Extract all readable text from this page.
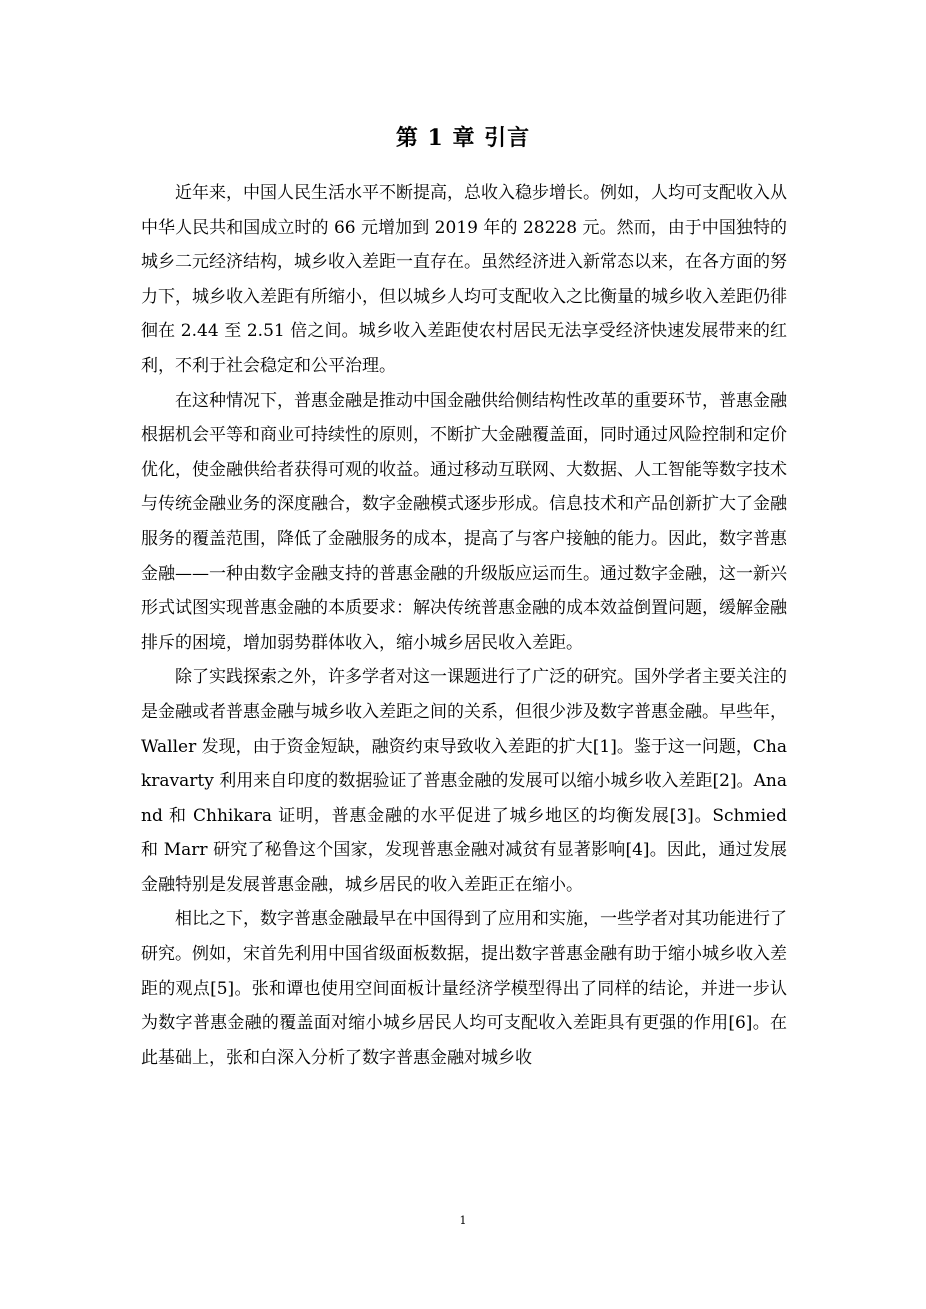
第 1 章 引言

近年来，中国人民生活水平不断提高，总收入稳步增长。例如，人均可支配收入从中华人民共和国成立时的 66 元增加到 2019 年的 28228 元。然而，由于中国独特的城乡二元经济结构，城乡收入差距一直存在。虽然经济进入新常态以来，在各方面的努力下，城乡收入差距有所缩小，但以城乡人均可支配收入之比衡量的城乡收入差距仍徘徊在 2.44 至 2.51 倍之间。城乡收入差距使农村居民无法享受经济快速发展带来的红利，不利于社会稳定和公平治理。

在这种情况下，普惠金融是推动中国金融供给侧结构性改革的重要环节，普惠金融根据机会平等和商业可持续性的原则，不断扩大金融覆盖面，同时通过风险控制和定价优化，使金融供给者获得可观的收益。通过移动互联网、大数据、人工智能等数字技术与传统金融业务的深度融合，数字金融模式逐步形成。信息技术和产品创新扩大了金融服务的覆盖范围，降低了金融服务的成本，提高了与客户接触的能力。因此，数字普惠金融——一种由数字金融支持的普惠金融的升级版应运而生。通过数字金融，这一新兴形式试图实现普惠金融的本质要求：解决传统普惠金融的成本效益倒置问题，缓解金融排斥的困境，增加弱势群体收入，缩小城乡居民收入差距。

除了实践探索之外，许多学者对这一课题进行了广泛的研究。国外学者主要关注的是金融或者普惠金融与城乡收入差距之间的关系，但很少涉及数字普惠金融。早些年，Waller 发现，由于资金短缺，融资约束导致收入差距的扩大[1]。鉴于这一问题，Chakravarty 利用来自印度的数据验证了普惠金融的发展可以缩小城乡收入差距[2]。Anand 和 Chhikara 证明，普惠金融的水平促进了城乡地区的均衡发展[3]。Schmied 和 Marr 研究了秘鲁这个国家，发现普惠金融对减贫有显著影响[4]。因此，通过发展金融特别是发展普惠金融，城乡居民的收入差距正在缩小。

相比之下，数字普惠金融最早在中国得到了应用和实施，一些学者对其功能进行了研究。例如，宋首先利用中国省级面板数据，提出数字普惠金融有助于缩小城乡收入差距的观点[5]。张和谭也使用空间面板计量经济学模型得出了同样的结论，并进一步认为数字普惠金融的覆盖面对缩小城乡居民人均可支配收入差距具有更强的作用[6]。在此基础上，张和白深入分析了数字普惠金融对城乡收

1
